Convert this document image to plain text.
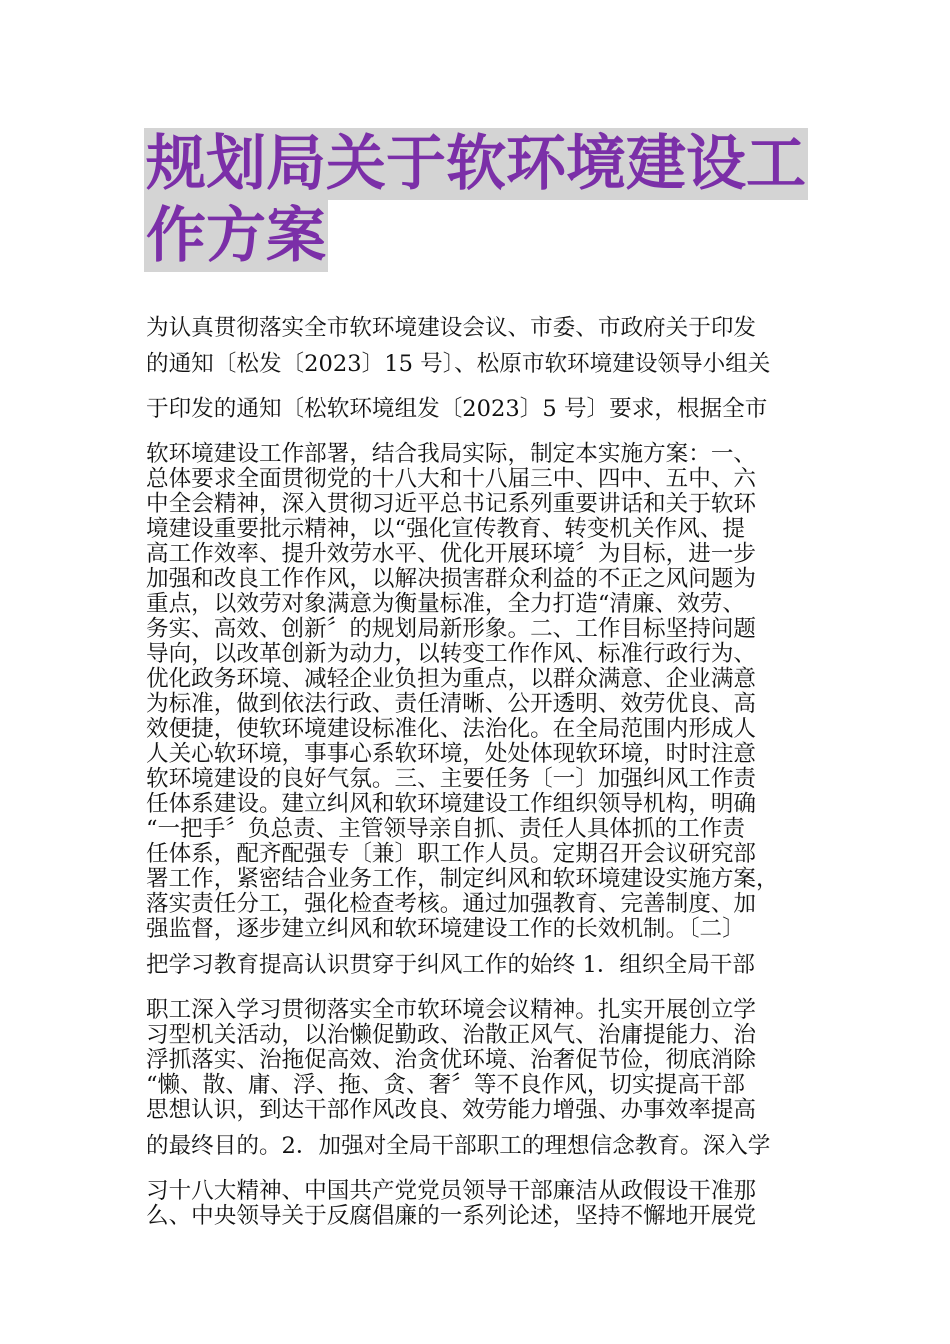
规划局关于软环境建设工
作方案
为认真贯彻落实全市软环境建设会议、市委、市政府关于印发
的通知〔松发〔2023〕15 号〕、松原市软环境建设领导小组关
于印发的通知〔松软环境组发〔2023〕5 号〕要求，根据全市
软环境建设工作部署，结合我局实际，制定本实施方案：一、
总体要求全面贯彻党的十八大和十八届三中、四中、五中、六
中全会精神，深入贯彻习近平总书记系列重要讲话和关于软环
境建设重要批示精神，以“强化宣传教育、转变机关作风、提
高工作效率、提升效劳水平、优化开展环境〞为目标，进一步
加强和改良工作作风，以解决损害群众利益的不正之风问题为
重点，以效劳对象满意为衡量标准，全力打造“清廉、效劳、
务实、高效、创新〞的规划局新形象。二、工作目标坚持问题
导向，以改革创新为动力，以转变工作作风、标准行政行为、
优化政务环境、减轻企业负担为重点，以群众满意、企业满意
为标准，做到依法行政、责任清晰、公开透明、效劳优良、高
效便捷，使软环境建设标准化、法治化。在全局范围内形成人
人关心软环境，事事心系软环境，处处体现软环境，时时注意
软环境建设的良好气氛。三、主要任务〔一〕加强纠风工作责
任体系建设。建立纠风和软环境建设工作组织领导机构，明确
“一把手〞负总责、主管领导亲自抓、责任人具体抓的工作责
任体系，配齐配强专〔兼〕职工作人员。定期召开会议研究部
署工作，紧密结合业务工作，制定纠风和软环境建设实施方案，
落实责任分工，强化检查考核。通过加强教育、完善制度、加
强监督，逐步建立纠风和软环境建设工作的长效机制。〔二〕
把学习教育提高认识贯穿于纠风工作的始终 1．组织全局干部
职工深入学习贯彻落实全市软环境会议精神。扎实开展创立学
习型机关活动，以治懒促勤政、治散正风气、治庸提能力、治
浮抓落实、治拖促高效、治贪优环境、治奢促节俭，彻底消除
“懒、散、庸、浮、拖、贪、奢〞等不良作风，切实提高干部
思想认识，到达干部作风改良、效劳能力增强、办事效率提高
的最终目的。2．加强对全局干部职工的理想信念教育。深入学
习十八大精神、中国共产党党员领导干部廉洁从政假设干准那
么、中央领导关于反腐倡廉的一系列论述，坚持不懈地开展党
